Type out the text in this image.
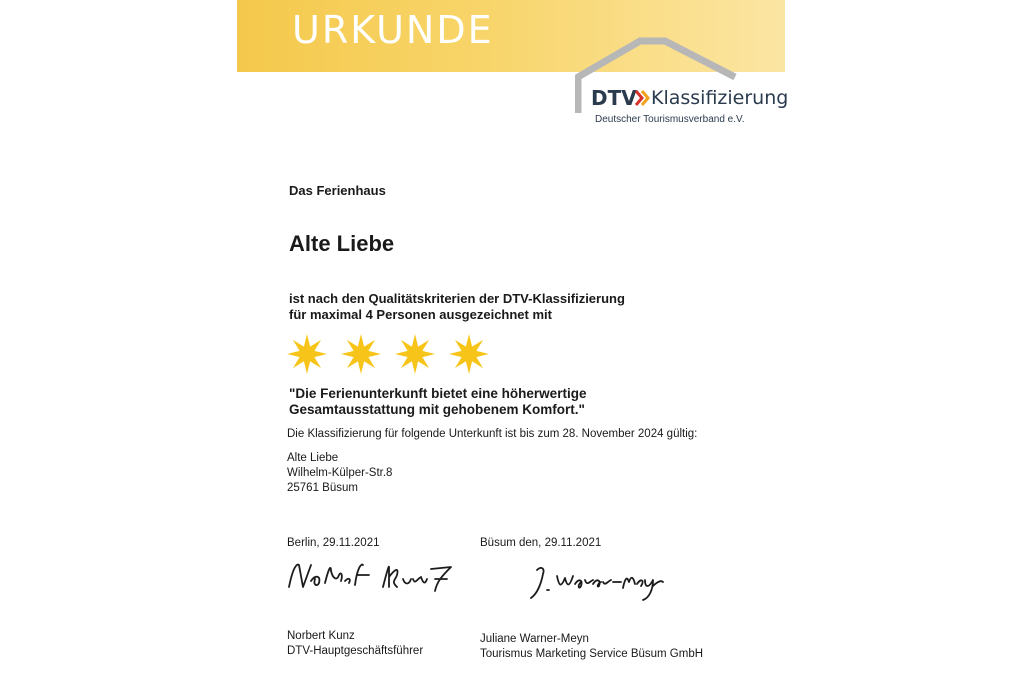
URKUNDE
DTV Klassifizierung
Deutscher Tourismusverband e.V.
Das Ferienhaus
Alte Liebe
ist nach den Qualitätskriterien der DTV-Klassifizierung
für maximal 4 Personen ausgezeichnet mit
"Die Ferienunterkunft bietet eine höherwertige
Gesamtausstattung mit gehobenem Komfort."
Die Klassifizierung für folgende Unterkunft ist bis zum 28. November 2024 gültig:
Alte Liebe
Wilhelm-Külper-Str.8
25761 Büsum
Berlin, 29.11.2021	Büsum den, 29.11.2021
Norbert Kunz
DTV-Hauptgeschäftsführer
Juliane Warner-Meyn
Tourismus Marketing Service Büsum GmbH
